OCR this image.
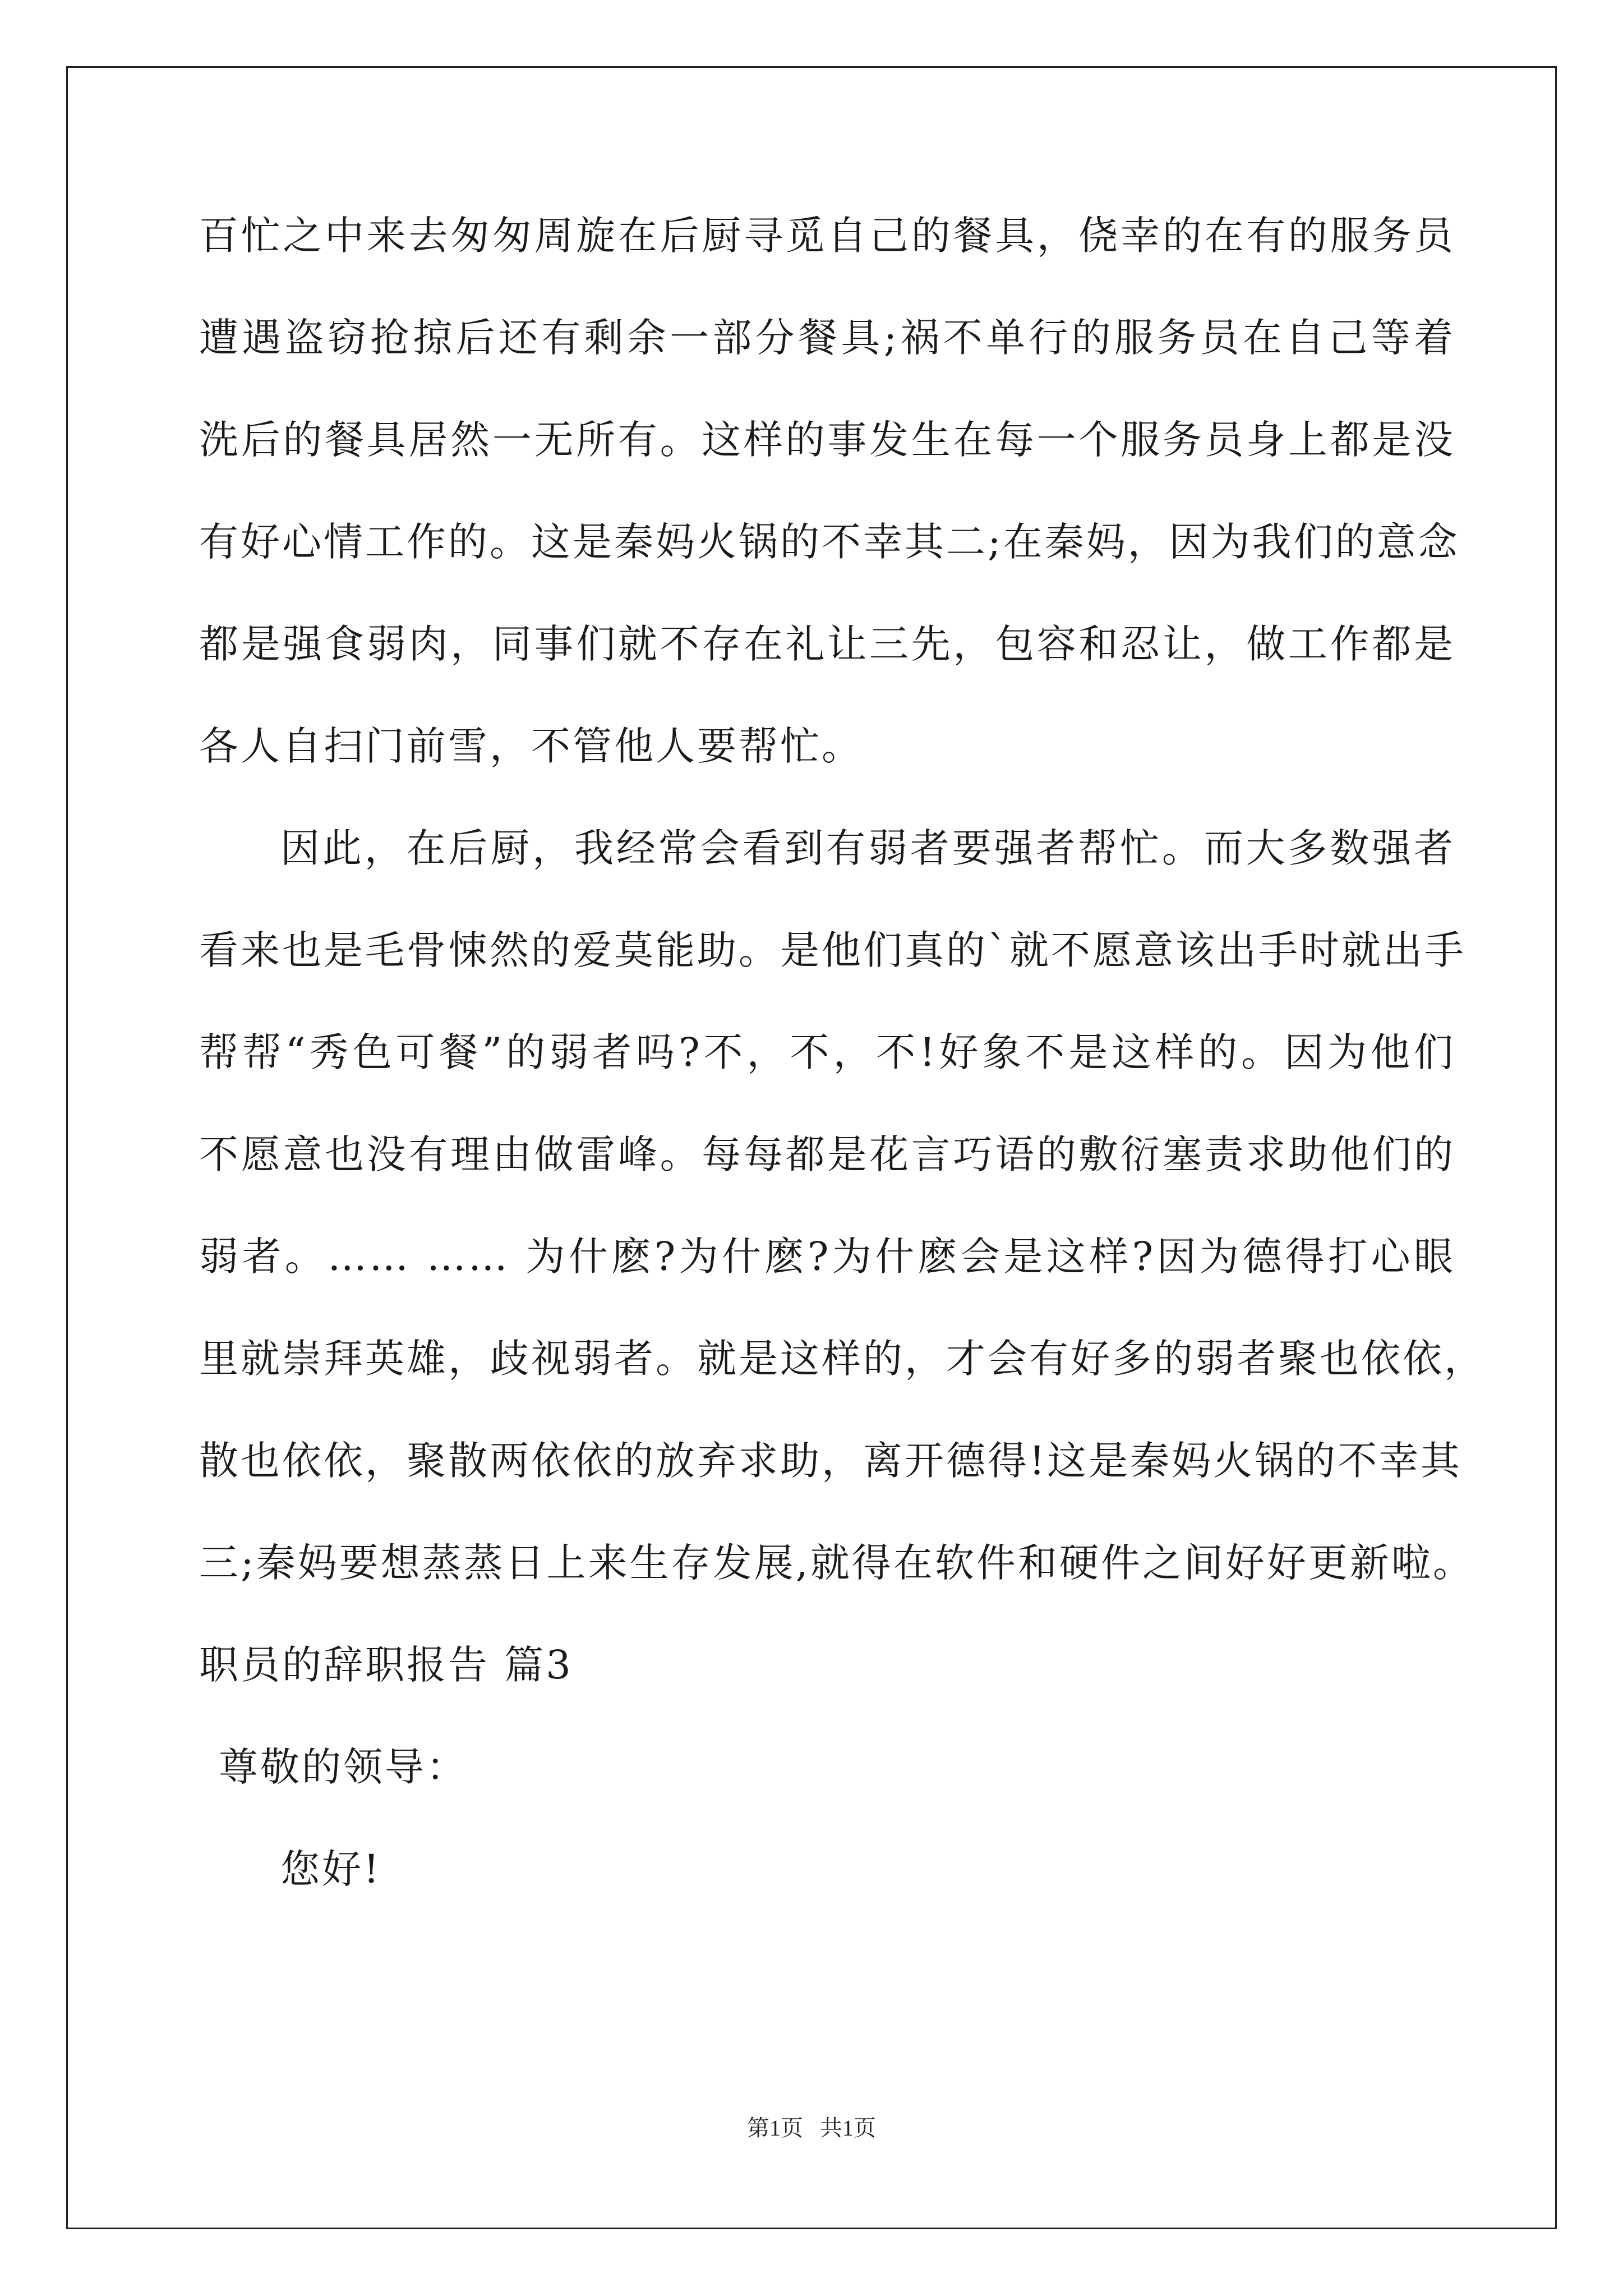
百忙之中来去匆匆周旋在后厨寻觅自己的餐具，侥幸的在有的服务员
遭遇盗窃抢掠后还有剩余一部分餐具;祸不单行的服务员在自己等着
洗后的餐具居然一无所有。这样的事发生在每一个服务员身上都是没
有好心情工作的。这是秦妈火锅的不幸其二;在秦妈，因为我们的意念
都是强食弱肉，同事们就不存在礼让三先，包容和忍让，做工作都是
各人自扫门前雪，不管他人要帮忙。
因此，在后厨，我经常会看到有弱者要强者帮忙。而大多数强者
看来也是毛骨悚然的爱莫能助。是他们真的`就不愿意该出手时就出手
帮帮“秀色可餐”的弱者吗?不，不，不!好象不是这样的。因为他们
不愿意也没有理由做雷峰。每每都是花言巧语的敷衍塞责求助他们的
弱者。…… …… 为什麽?为什麽?为什麽会是这样?因为德得打心眼
里就崇拜英雄，歧视弱者。就是这样的，才会有好多的弱者聚也依依，
散也依依，聚散两依依的放弃求助，离开德得!这是秦妈火锅的不幸其
三;秦妈要想蒸蒸日上来生存发展,就得在软件和硬件之间好好更新啦。
职员的辞职报告 篇3
尊敬的领导：
您好!
第1页   共1页
